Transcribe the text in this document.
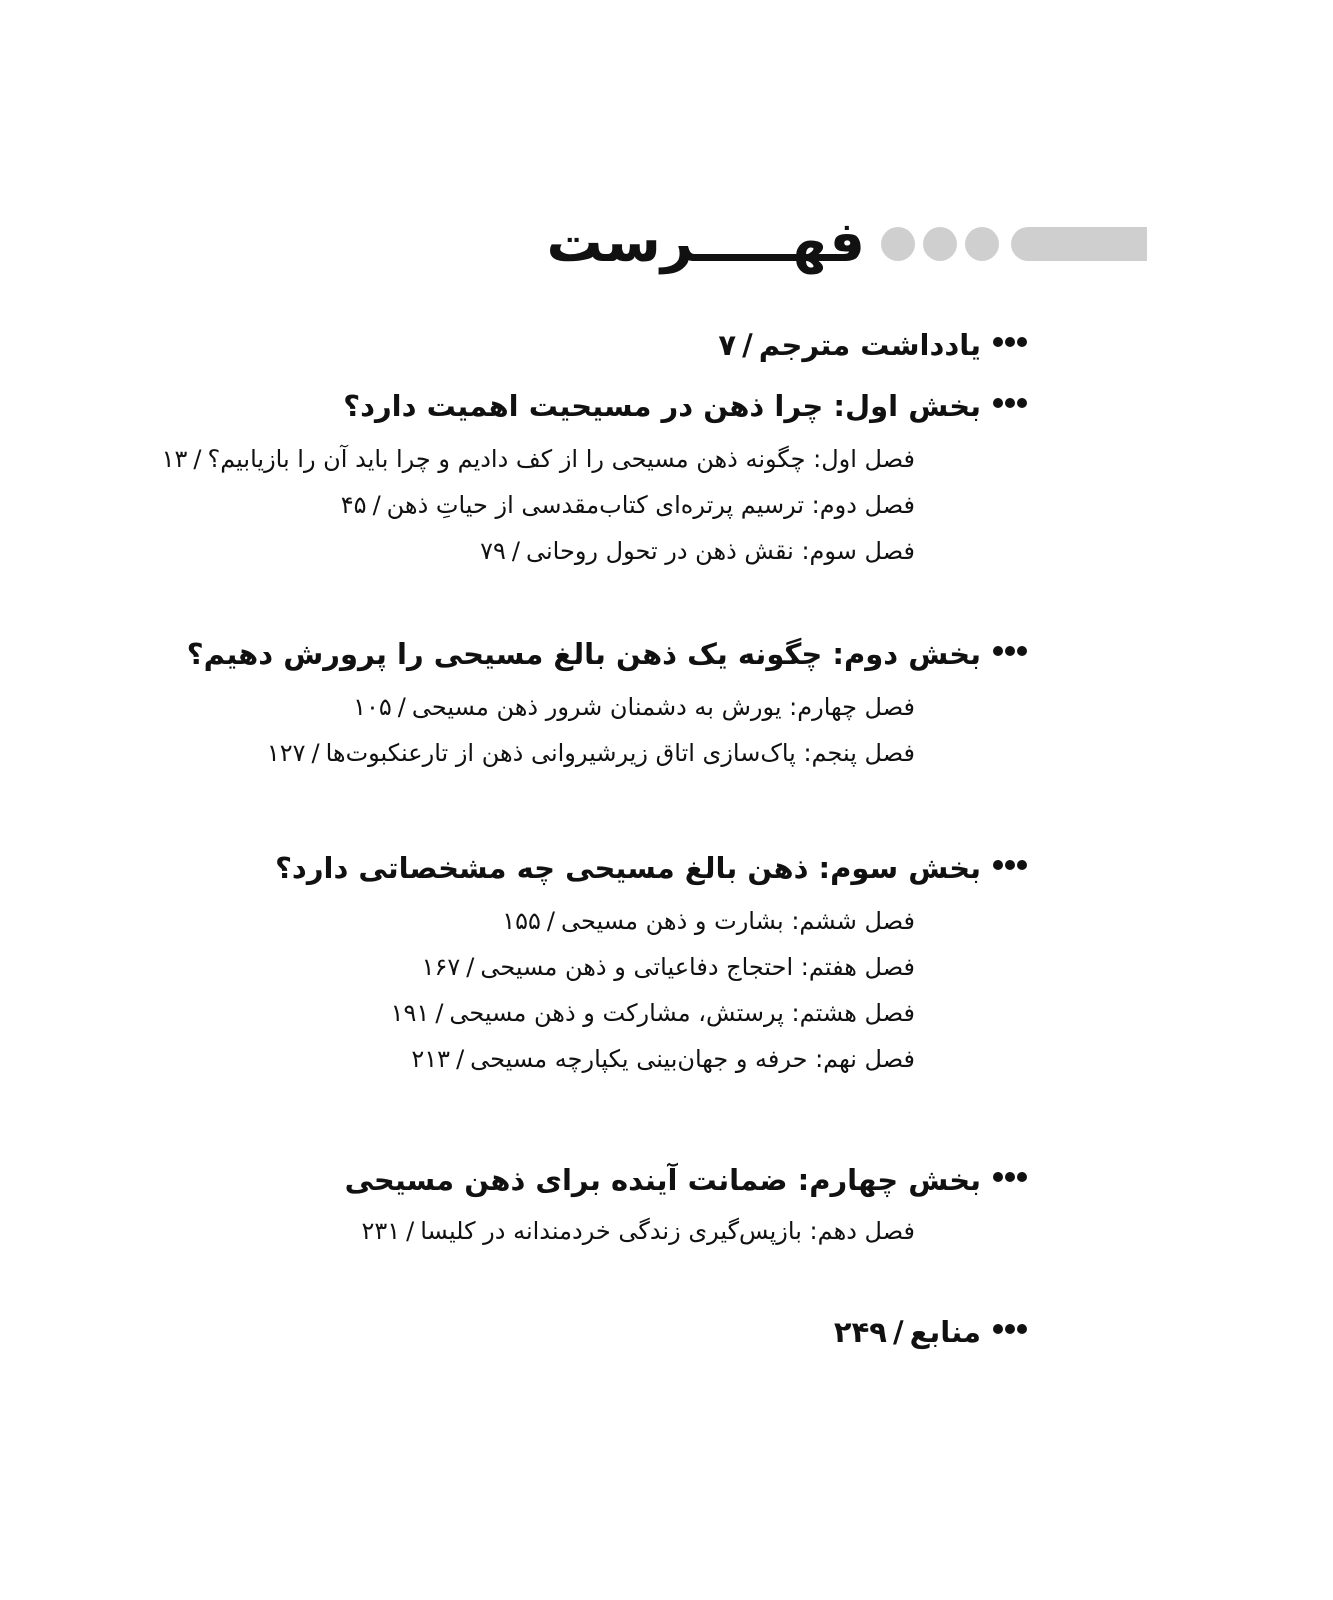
فهـــــرست
یادداشت مترجم/۷
بخش اول: چرا ذهن در مسیحیت اهمیت دارد؟
فصل اول: چگونه ذهن مسیحی را از کف دادیم و چرا باید آن را بازیابیم؟/۱۳
فصل دوم: ترسیم پرتره‌ای کتاب‌مقدسی از حیاتِ ذهن/۴۵
فصل سوم: نقش ذهن در تحول روحانی/۷۹
بخش دوم: چگونه یک ذهن بالغ مسیحی را پرورش دهیم؟
فصل چهارم: یورش به دشمنان شرور ذهن مسیحی/۱۰۵
فصل پنجم: پاک‌سازی اتاق زیرشیروانی ذهن از تارعنکبوت‌ها/۱۲۷
بخش سوم: ذهن بالغ مسیحی چه مشخصاتی دارد؟
فصل ششم: بشارت و ذهن مسیحی/۱۵۵
فصل هفتم: احتجاج دفاعیاتی و ذهن مسیحی/۱۶۷
فصل هشتم: پرستش، مشارکت و ذهن مسیحی/۱۹۱
فصل نهم: حرفه و جهان‌بینی یکپارچه مسیحی/۲۱۳
بخش چهارم: ضمانت آینده برای ذهن مسیحی
فصل دهم: بازپس‌گیری زندگی خردمندانه در کلیسا/۲۳۱
منابع/۲۴۹
